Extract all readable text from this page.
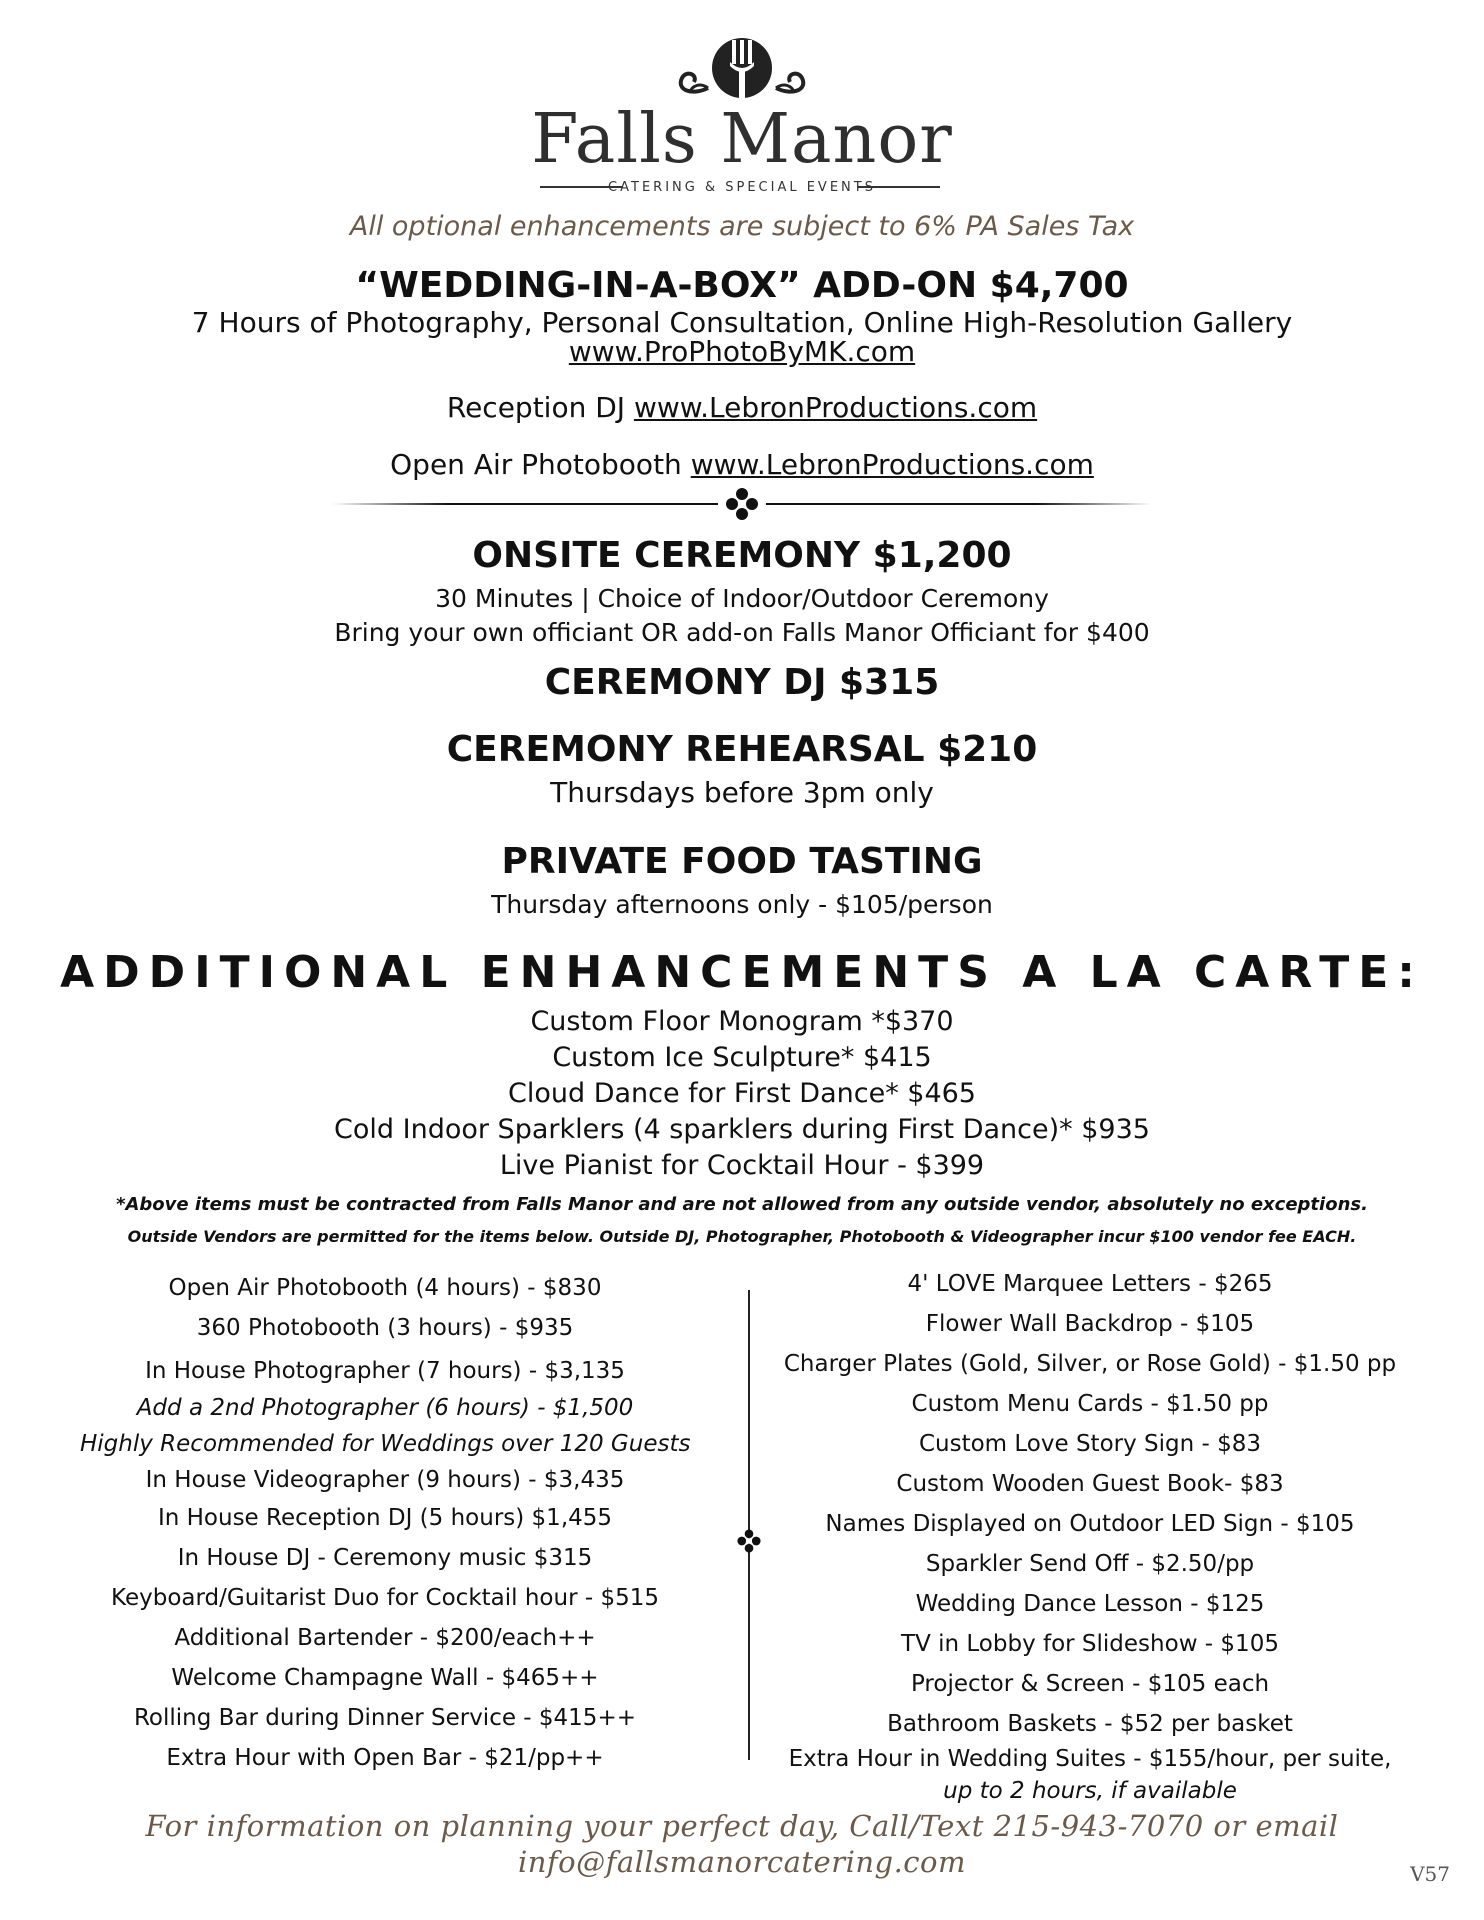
Falls Manor
CATERING & SPECIAL EVENTS
All optional enhancements are subject to 6% PA Sales Tax
“WEDDING-IN-A-BOX” ADD-ON $4,700
7 Hours of Photography, Personal Consultation, Online High-Resolution Gallery
www.ProPhotoByMK.com
Reception DJ www.LebronProductions.com
Open Air Photobooth www.LebronProductions.com
ONSITE CEREMONY $1,200
30 Minutes | Choice of Indoor/Outdoor Ceremony
Bring your own officiant OR add-on Falls Manor Officiant for $400
CEREMONY DJ $315
CEREMONY REHEARSAL $210
Thursdays before 3pm only
PRIVATE FOOD TASTING
Thursday afternoons only - $105/person
ADDITIONAL ENHANCEMENTS A LA CARTE:
Custom Floor Monogram *$370
Custom Ice Sculpture* $415
Cloud Dance for First Dance* $465
Cold Indoor Sparklers (4 sparklers during First Dance)* $935
Live Pianist for Cocktail Hour - $399
*Above items must be contracted from Falls Manor and are not allowed from any outside vendor, absolutely no exceptions.
Outside Vendors are permitted for the items below. Outside DJ, Photographer, Photobooth & Videographer incur $100 vendor fee EACH.
Open Air Photobooth (4 hours) - $830
360 Photobooth (3 hours) - $935
In House Photographer (7 hours) - $3,135
Add a 2nd Photographer (6 hours) - $1,500
Highly Recommended for Weddings over 120 Guests
In House Videographer (9 hours) - $3,435
In House Reception DJ (5 hours) $1,455
In House DJ - Ceremony music $315
Keyboard/Guitarist Duo for Cocktail hour - $515
Additional Bartender - $200/each++
Welcome Champagne Wall - $465++
Rolling Bar during Dinner Service - $415++
Extra Hour with Open Bar - $21/pp++
4' LOVE Marquee Letters - $265
Flower Wall Backdrop - $105
Charger Plates (Gold, Silver, or Rose Gold) - $1.50 pp
Custom Menu Cards - $1.50 pp
Custom Love Story Sign - $83
Custom Wooden Guest Book- $83
Names Displayed on Outdoor LED Sign - $105
Sparkler Send Off - $2.50/pp
Wedding Dance Lesson - $125
TV in Lobby for Slideshow - $105
Projector & Screen - $105 each
Bathroom Baskets - $52 per basket
Extra Hour in Wedding Suites - $155/hour, per suite,
up to 2 hours, if available
For information on planning your perfect day, Call/Text 215-943-7070 or email info@fallsmanorcatering.com	V57
